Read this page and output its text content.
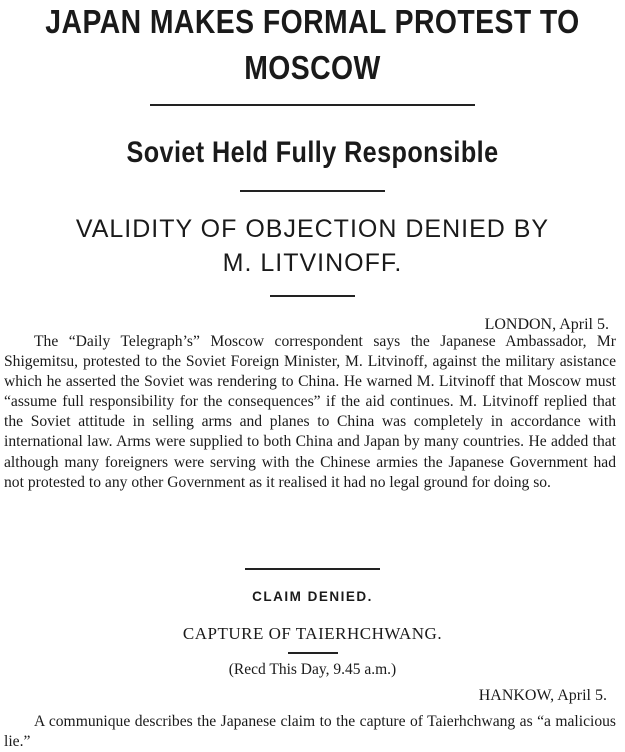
JAPAN MAKES FORMAL PROTEST TO
MOSCOW
Soviet Held Fully Responsible

VALIDITY OF OBJECTION DENIED BY

M. LITVINOFF.

LONDON, April 5.

The “Daily Telegraph’s” Moscow correspondent says the Japanese Ambassador, Mr Shigemitsu, protested to the Soviet Foreign Minister, M. Litvinoff, against the military asistance which he asserted the Soviet was rendering to China. He warned M. Litvinoff that Moscow must “assume full responsibility for the consequences” if the aid continues. M. Litvinoff replied that the Soviet attitude in selling arms and planes to China was completely in accordance with international law. Arms were supplied to both China and Japan by many countries. He added that although many foreigners were serving with the Chinese armies the Japanese Government had not protested to any other Government as it realised it had no legal ground for doing so.

CLAIM DENIED.

CAPTURE OF TAIERHCHWANG.

(Recd This Day, 9.45 a.m.)

HANKOW, April 5.

A communique describes the Japanese claim to the capture of Taierhchwang as “a malicious lie.”
